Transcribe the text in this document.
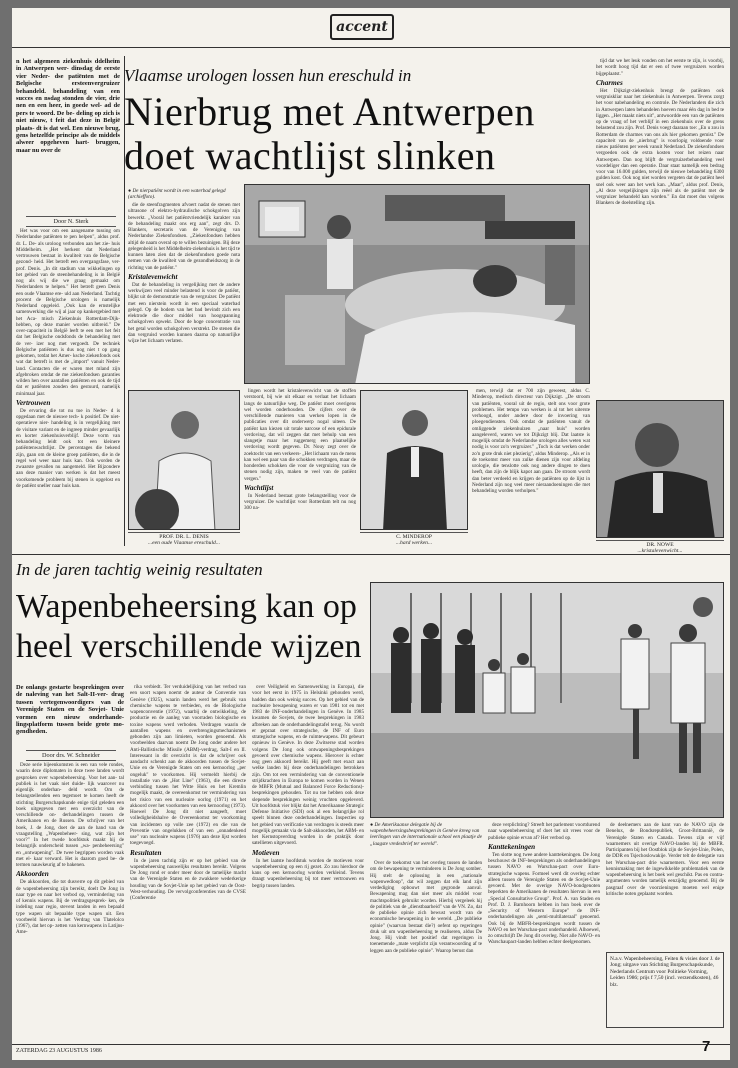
accent
n het algemeen ziekenhuis ddelheim in Antwerpen wer- dinsdag de eerste vier Neder- dse patiënten met de Belgische ersteenvergruizer behandeld. behandeling van een succes en nsdag stonden de vier, drie nen en een heer, in goede wel- ad de pers te woord. De be- deling op zich is niet nieuw, t feit dat deze in België plaats- dt is dat wel. Een nieuwe brug, gens hetzelfde principe als de middels alweer opgeheven hart- bruggen, maar nu over de
Door N. Sterk

Het was voor om een aangename tussing om Nederlandse patiënten te pen helpen", aldus prof. dr. L. De- als uroloog verbonden aan het zie- huis Middelheim. „Het herkent dat Nederland vertrouwen bestaat in kwaliteit van de Belgische gezond- heid. Het betreft een overgangsfase, ver- prof. Denis. „In dit stadium van wikkelingen op het gebied van de steenbehandeling is in België nog als wij die we graag gemaakt om Nederlanders te helpen." Het betreft geen Denis een oude Vlaamse ere- uld aan Nederland. Tachtig procent de Belgische urologen is namelijk Nederland opgeleid. „Ook kan de ernstelijke samenwerking die wij al jaar op kankergebied met het Aca- misch Ziekenhuis Rotterdam-Dijk- hebben, op deze manier worden uitbreid." De over-capaciteit in België leeft te een met het feit dat het Belgische ondsfonds de behandeling met de ver- izer nog met vergoedt. De techniek Belgische patiënten is dus nog niet t op gang gekomen, totdat het Amer- ksche ziekenfonds ook wat dat betreft is met de „import" vanuit Neder- land. Contacten die er waren met mland zijn afgebroken omdat de me ziekenfondsen garanties wilden hen over aantallen patiënten en ook de tijd dat er patiënten zouden den gestuurd, namelijk minimaal jaar.

Vertrouwen

De ervaring die tot nu toe in Neder- d is opgedaan met de nieuwe tech- k positief. De niet-operatieve nier- handeling is in vergelijking met de visitare variant en de ingreep minder gevaarlijk en korter ziekenhuisverblijf. Deze vorm van behandeling leidt ook tot een kleinere patiëntenwachtlijst. De percentages die bekend zijn, gaan om de kleine groep patiënten, die in de regel wel weer naar huis kan. Ook worden de zwaarste gevallen nu aangemeld. Het Bijzondere aan deze manier van werken is dat het meest voorkomende probleem bij stenen is opgelost en de patiënt sneller naar huis kan.

Vlaamse urologen lossen hun ereschuld in
Nierbrug met Antwerpen
doet wachtlijst slinken
● De nierpatiënt wordt in een waterbad gelegd (archieffoto).

die de steenfragmenten afvoert nadat de stenen met ultrasone of elektro-hydraulische schokgolven zijn bewerkt. „Voorál het patiëntvriendelijk karakter van de behandeling maakt ons erg aan", zegt drs. D. Blankers, secretaris van de Vereniging van Nederlandse Ziekenfondsen. „Ziekenfondsen hebben altijd de naam overal op te willen bezuinigen. Bij deze gelegenheid is het Middelheim-ziekenhuis is het tijd te kunnen laten zien dat de ziekenfondsen goede nota nemen van de kwaliteit van de gezondheidszorg in de richting van de patiënt."

Kristalevenwicht

Dat de behandeling in vergelijking met de andere werkwijzen veel minder belastend is voor de patiënt, blijkt uit de demonstratie van de vergruizer. De patiënt met een nierstein wordt in een speciaal waterbad gelegd. Op de bodem van het bad bevindt zich een elektrode die door middel van hoogspanning schokgolven opwekt. Door de hoge concentratie van het getal worden schokgolven verstrekt. De stenen die dan vergruisd worden kunnen daarna op natuurlijke wijze het lichaam verlaten.

lingen wordt het kristalevenwicht van de stoffen verstoord, bij wie uit elkaar en verlaat het lichaam langs de natuurlijke weg. De patiënt moet overigens wel worden onderhouden. De cijfers over de verschillende manieren van werken lopen in de publicaties over dit onderwerp nogal uiteen. De patiënt kan kiezen uit totale narcose of een epidurale verdoving, dat wil zeggen dat met behulp van een slangetje maar het ruggemerg een plaatselijke verdoving wordt gegeven. Dr. Nouy zegt over de zoektocht van een verkeers- „Het lichaam van de mens kan wel een paar van die schokken verdragen, maar de honderden schokken die voor de vergruizing van de stenen nodig zijn, maken te veel van de patiënt vergen."

Wachtlijst

In Nederland bestaat grote belangstelling voor de vergruizer. De wachtlijst voor Rotterdam telt nu nog 300 na-

men, terwijl dat er 700 zijn geweest, aldus C. Minderop, medisch directeur van Dijkzigt. „De stroom van patiënten, vooral uit de regio, stelt ons voor grote problemen. Het tempo van werken is al tot het uiterste verhoogd, onder andere door de invoering van ploegendiensten. Ook omdat de patiënten vanuit de omliggende ziekenhuizen „naar huis" worden aangeleverd, waren we tot Dijkzigt blij. Dat laatste is mogelijk omdat de Nederlandse urologen alles weten wat nodig is voor zo'n vergruizer." „Toch is dat werken onder zo'n grote druk niet plezierig", aldus Minderop. „Als er in de toekomst meer van zulke dienen zijn voor afdeling urologie, die tenslotte ook nog andere dingen te doen heeft, dan zijn de blijk kapot aan gaan. De stroom wordt dan beter verdeeld en krijgen de patiënten op de lijst in Nederland zijn nog veel meer nieraandoeningen die met behandeling worden verholpen."

tijd dat we het leuk vonden om het eerste te zijn, is voorbij, het wordt hoog tijd dat er een of twee vergruizers worden bijgeplaatst."

Charmes

Het Dijkzigt-ziekenhuis brengt de patiënten ook vergruiskliar naar het ziekenhuis in Antwerpen. Tevens zorgt het voor nabehandeling en controle. De Nederlanders die zich in Antwerpen laten behandelen hoeven maar één dag in bed te liggen. „Het maakt niets uit", antwoordde een van de patiënten op de vraag of het verblijf in een ziekenhuis over de grens belastend zou zijn. Prof. Denis voegt daaraan toe: „En u zou in Rotterdam de charmes van ons als hier gekomen gemist." De capaciteit van de „nierbrug" is voorlopig voldoende voor nieuw patiënten per week vanuit Nederland. De ziekenfondsen vergoeden ook de extra kosten voor het reizen naar Antwerpen. Dan nog blijft de vergruizerbehandeling veel voordeliger dan een operatie. Daar staat namelijk een bedrag voor van 16.000 gulden, terwijl de nieuwe behandeling 6300 gulden kost. Ook nog niet worden vergeten dat de patiënt heel snel ook weer aan het werk kan. „Maar", aldus prof. Denis, „Al deze vergelijkingen zijn reëel als de patiënt met de vergruizer behandeld kan worden." En dat moet dus volgens Blankers de doelstelling zijn.

PROF. DR. L. DENIS
...een oude Vlaamse ereschuld...
C. MINDEROP
...hard werken...	DR. NOWE
...kristalevenwicht...
In de jaren tachtig weinig resultaten
Wapenbeheersing kan op
heel verschillende wijzen
De onlangs gestarte besprekingen over de naleving van het Salt-II-ver- drag tussen vertegenwoordigers van de Verenigde Staten en de Sovjet- Unie vormen een nieuw onderhande- lingsplatform tussen beide grote mo- gendheden.
Door drs. W. Schneider

Deze serie bijeenkomsten is een van vele rondes, waarin deze diplomaten in deze twee landen wordt gesproken over wapenbeheersing. Voor het aan- tal publiek is het vaak niet duide- lijk waarover nu eigenlijk onderhan- deld wordt. Om de belangstellenden een tegemoet te komen heeft de stichting Burgerschapskunde enige tijd geleden een boek uitgegeven met een overzicht van de verschillende on- derhandelingen tussen de Amerikanen en de Russen. De schrijver van het boek, J. de Jong, doet de aan de hand van de vraagstelling „Wapenbeheer- sing, wat zijn het voor?" In het twede hoofdstuk maakt hij de belangrijk onderscheid tussen „wa- penbeheersing" en „ontwapening". De twee begrippen worden vaak met el- kaar verward. Het is daarom goed be- de termen nauwkeurig af te bakenen.

Akkoorden

De akkoorden, die tot dusverre op dit gebied van de wapenbeheersing zijn bereikt, doelt De Jong in naar type en naar het verbod op, vermindering van of kennis wapens. Bij de verdragsgesprek- ken, de indeling naar regio, stevent landen in een bepaald type wapen uit bepaalde type wapen uit. Een voorbeeld hiervan is het Verdrag van Tlatelolco (1967), dat het op- zetten van kernwapens in Latijns-Ame-

rika verbiedt. Ter verduidelijking van het verbod van een soort wapen noemt de auteur de Conventie van Genève (1925), waarin landen werd het gebruik van chemische wapens te verbieden, en de Biologische wapenconventie (1972), waarbij de ontwikkeling, de productie en de aanleg van voorraden biologische en toxine wapens werd verboden. Verdragen waarin de aantallen wapens en overbrengingsmechanismen gebonden zijn aan limieten, worden genoemd. Als voorbeelden daarvan noemt De Jong onder andere het Anti-Ballistische Missile (ABM)-verdrag, Salt-I en II. Interessant in dit overzicht is dat de schrijver ook aandacht schenkt aan de akkoorden tussen de Sovjet-Unie en de Verenigde Staten om een kernoorlog „per ongeluk" te voorkomen. Hij vermeldt hierbij de installatie van de „Hot Line" (1963), die een directe verbinding tussen het Witte Huis en het Kremlin mogelijk maakt, de overeenkomst ter vermindering van het risico van een nucleaire oorlog (1971) en het akkoord over het voorkomen van een kernoorlog (1973). Hoewel De Jong dit niet aangeeft, moet volledigheidshalve de Overeenkomst ter voorkoming van incidenten op volle zee (1972) en die van de Preventie van ongelukken of van een „onnadenkend use" van nucleaire wapens (1976) aan deze lijst worden toegevoegd.

Resultaten

In de jaren tachtig zijn er op het gebied van de wapenbeheersing nauwelijks resultaten bereikt. Volgens De Jong rond er onder meer door de tamelijke macht van de Verenigde Staten en de zwakkere wederkerige houding van de Sovjet-Unie op het gebied van de Oost-West-verhouding. De vervolgconferenties van de CVSE (Conferentie

over Veiligheid en Samenwerking in Europa), die voor het eerst in 1975 in Helsinki gehouden werd, hadden dan ook weinig succes. Op het gebied van de nucleaire bewapening waren er van 1981 tot en met 1983 de INF-onderhandelingen in Genève. In 1985 kwamen de Sovjets, de twee besprekingen in 1983 afbreken aan de onderhandelingstafel terug. Nu wordt er gepraat over strategische, de INF of Euro strategische wapens, en de ruimtewapens. Dit gebeurt opnieuw in Genève. In deze Zwitserse stad worden volgens De Jong ook ontwapeningsbesprekingen gevoerd over chemische wapens. Hierover is echter nog geen akkoord bereikt. Hij geeft met exact aan welke landen bij deze onderhandelingen betrokken zijn. Om tot een vermindering van de conventionele strijdkrachten in Europa te komen worden in Wenen de MBFR (Mutual and Balanced Force Reductions)-besprekingen gehouden. Tot nu toe hebben ook deze slepende besprekingen weinig vruchten opgeleverd. Uit hoofdstuk vier blijkt dat het Amerikaanse Strategic Defense Initiative (SDI) ook al een belangrijke rol speelt binnen deze onderhandelingen. Inspecties op het gebied van verificatie van verdragen is steeds meer mogelijk gemaakt via de Salt-akkoorden, het ABM- en het Kernstopverdrag worden in de praktijk door satellieten uitgevoerd.

Motieven

In het laatste hoofdstuk worden de motieven voor wapenbeheersing op een rij gezet. Zo zou hierdoor de kans op een kernoorlog worden verkleind. Tevens draagt wapenbeheersing bij tot meer vertrouwen en begrip tussen landen.

● De Amerikaanse delegatie bij de wapenbeheersingsbesprekingen in Genève kreeg van leerlingen van de internationale school een plaatje de „laagste vredesbrief ter wereld".

Over de toekomst van het overleg tussen de landen om de bewapening te verminderen is De Jong somber. Hij stelt de oplossing in een „nationale wapenwedloop", dat wil zeggen dat elk land zijn verdediging opbouwt met gegronde aanval. Bewapening mag dan niet meer als middel voor machtspolitiek gebruikt worden. Hierbij vergeleek hij de politiek van de „dienstbaarheid" van de VN. Zo, dat de publieke opinie zich bewust wordt van de economische bewapening in de wereld. „De publieke opinie" (waarvan bestaat die?) oefent op regeringen druk uit om wapenbeheersing te realiseren, aldus De Jong. Hij vindt het positief dat regeringen in toenemende „mate verplicht zijn verantwoording af te leggen aan de publieke opinie". Waarop berust dan

deze verplichting? Streeft het parlement voortdurend naar wapenbeheersing of doet het uit vrees voor de publieke opinie ervan af? Het verbod op.

Kanttekeningen

Ten slotte nog twee andere kanttekeningen. De Jong beschouwt de INF-besprekingen als onderhandelingen tussen NAVO en Warschau-pact over Euro-strategische wapens. Formeel werd dit overleg echter alleen tussen de Verenigde Staten en de Sovjet-Unie gevoerd. Met de overige NAVO-bondgenoten beperkten de Amerikanen de resultaten hiervan in een „Special Consultative Group". Prof. A. van Staden en Prof. D. J. Barnhoorn hebben in hun boek over de „Security of Western Europe" de INF-onderhandelingen als „semi-multilateraal" genoemd. Ook bij de MBFR-besprekingen wordt tussen de NAVO en het Warschau-pact onderhandeld. Alhoewel, zo omschrijft De Jong dit overleg. Niet alle NAVO- en Warschaupact-landen hebben echter deelgenomen.

de deelnemers aan de kant van de NAVO zijn de Benelux, de Bondsrepubliek, Groot-Brittannië, de Verenigde Staten en Canada. Tevens zijn er vijf waarnemers uit overige NAVO-landen bij de MBFR. Participanten bij het Oostblok zijn de Sovjet-Unie, Polen, de DDR en Tsjechoslowakije. Verder telt de delegatie van het Warschau-pact drie waarnemers. Voor een eerste kennismaking met de ingewikkelde problematiek van de wapenbeheersing is het boek wel geschikt. Pas en contra-argumenten worden tamelijk eenzijdig genoemd. Bij de pasgraaf over de voorzieningen moeten wel enige kritische noten geplaatst worden.

N.a.v. Wapenbeheersing, Feiten & visies door J. de Jong; uitgave van Stichting Burgerschapskunde, Nederlands Centrum voor Politieke Vorming, Leiden 1986; prijs f 7,50 (incl. verzendkosten), 46 blz.
ZATERDAG 23 AUGUSTUS 1986	7
